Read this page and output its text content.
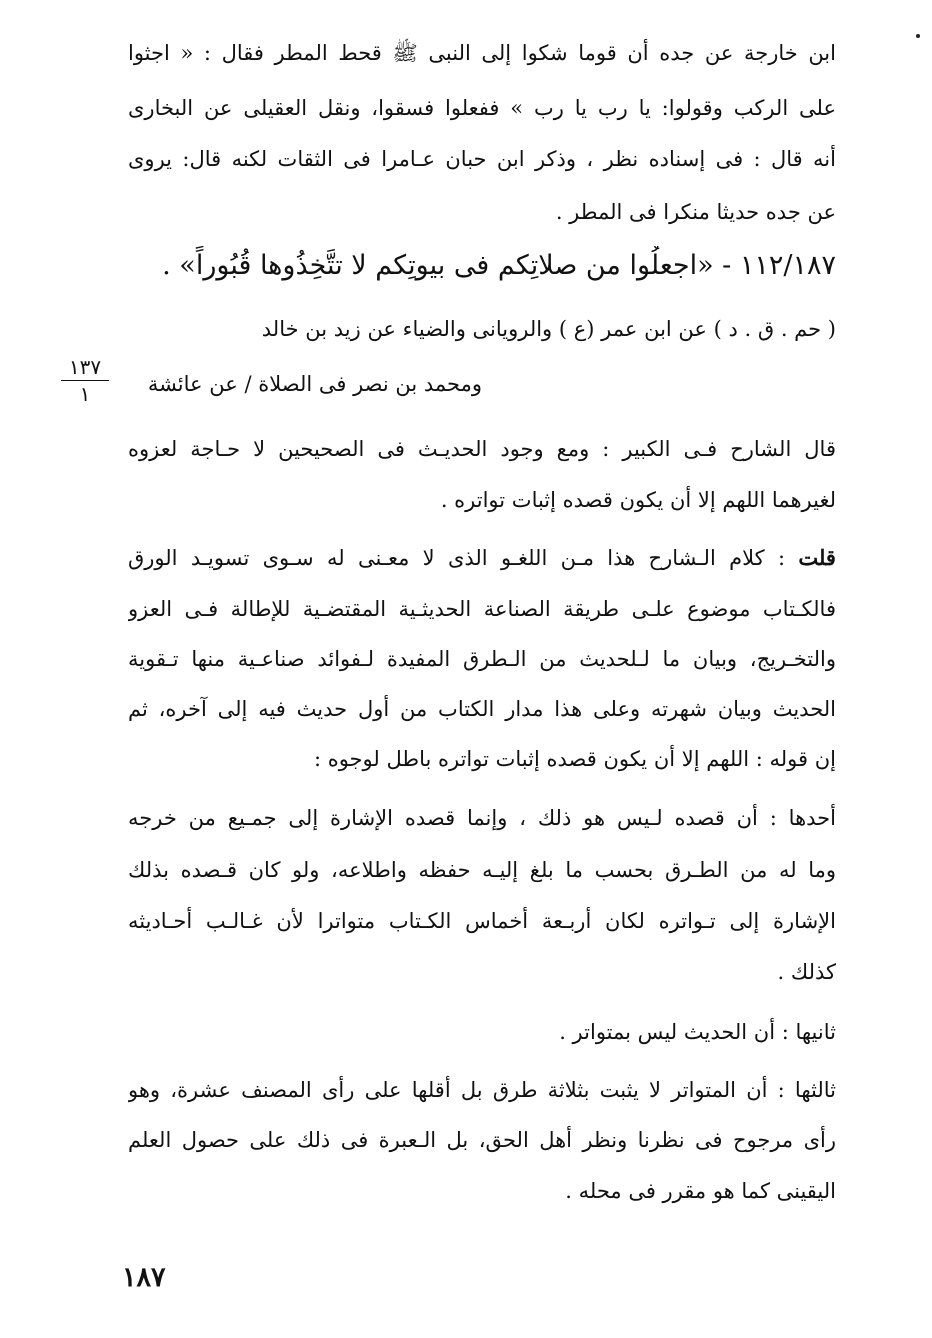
ابن خارجة عن جده أن قوما شكوا إلى النبى ﷺ قحط المطر فقال : « اجثوا
على الركب وقولوا: يا رب يا رب » ففعلوا فسقوا، ونقل العقيلى عن البخارى
أنه قال : فى إسناده نظر ، وذكر ابن حبان عـامرا فى الثقات لكنه قال: يروى
عن جده حديثا منكرا فى المطر .
١١٢/١٨٧ - «اجعلُوا من صلاتِكم فى بيوتِكم لا تتَّخِذُوها قُبُوراً» .
( حم . ق . د ) عن ابن عمر (ع ) والرويانى والضياء عن زيد بن خالد
ومحمد بن نصر فى الصلاة / عن عائشة
١٣٧
١
قال الشارح فـى الكبير : ومع وجود الحديـث فى الصحيحين لا حـاجة لعزوه
لغيرهما اللهم إلا أن يكون قصده إثبات تواتره .
قلت : كلام الـشارح هذا مـن اللغـو الذى لا معـنى له سـوى تسويـد الورق
فالكـتاب موضوع علـى طريقة الصناعة الحديثـية المقتضـية للإطالة فـى العزو
والتخـريج، وبيان ما لـلحديث من الـطرق المفيدة لـفوائد صناعـية منها تـقوية
الحديث وبيان شهرته وعلى هذا مدار الكتاب من أول حديث فيه إلى آخره، ثم
إن قوله : اللهم إلا أن يكون قصده إثبات تواتره باطل لوجوه :
أحدها : أن قصده لـيس هو ذلك ، وإنما قصده الإشارة إلى جمـيع من خرجه
وما له من الطـرق بحسب ما بلغ إليـه حفظه واطلاعه، ولو كان قـصده بذلك
الإشارة إلى تـواتره لكان أربـعة أخماس الكـتاب متواترا لأن غـالـب أحـاديثه
كذلك .
ثانيها : أن الحديث ليس بمتواتر .
ثالثها : أن المتواتر لا يثبت بثلاثة طرق بل أقلها على رأى المصنف عشرة، وهو
رأى مرجوح فى نظرنا ونظر أهل الحق، بل الـعبرة فى ذلك على حصول العلم
اليقينى كما هو مقرر فى محله .
١٨٧
